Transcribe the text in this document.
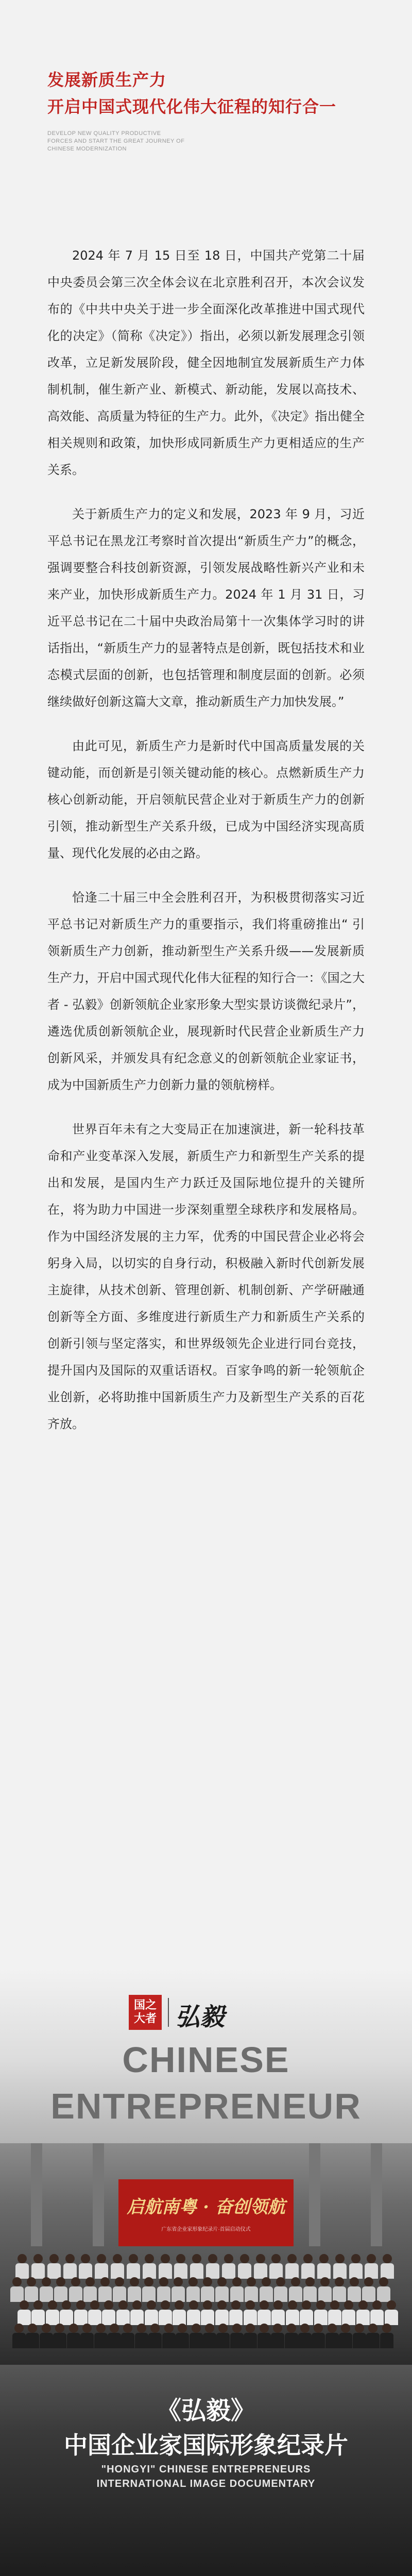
发展新质生产力
开启中国式现代化伟大征程的知行合一
DEVELOP NEW QUALITY PRODUCTIVE
FORCES AND START THE GREAT JOURNEY OF
CHINESE MODERNIZATION

2024 年 7 月 15 日至 18 日，中国共产党第二十届中央委员会第三次全体会议在北京胜利召开，本次会议发布的《中共中央关于进一步全面深化改革推进中国式现代化的决定》（简称《决定》）指出，必须以新发展理念引领改革，立足新发展阶段，健全因地制宜发展新质生产力体制机制，催生新产业、新模式、新动能，发展以高技术、高效能、高质量为特征的生产力。此外，《决定》指出健全相关规则和政策，加快形成同新质生产力更相适应的生产关系。

关于新质生产力的定义和发展，2023 年 9 月，习近平总书记在黑龙江考察时首次提出“新质生产力”的概念，强调要整合科技创新资源，引领发展战略性新兴产业和未来产业，加快形成新质生产力。2024 年 1 月 31 日，习近平总书记在二十届中央政治局第十一次集体学习时的讲话指出，“新质生产力的显著特点是创新，既包括技术和业态模式层面的创新，也包括管理和制度层面的创新。必须继续做好创新这篇大文章，推动新质生产力加快发展。”

由此可见，新质生产力是新时代中国高质量发展的关键动能，而创新是引领关键动能的核心。点燃新质生产力核心创新动能，开启领航民营企业对于新质生产力的创新引领，推动新型生产关系升级，已成为中国经济实现高质量、现代化发展的必由之路。

恰逢二十届三中全会胜利召开，为积极贯彻落实习近平总书记对新质生产力的重要指示，我们将重磅推出“ 引领新质生产力创新，推动新型生产关系升级——发展新质生产力，开启中国式现代化伟大征程的知行合一：《国之大者 - 弘毅》创新领航企业家形象大型实景访谈微纪录片”，遴选优质创新领航企业，展现新时代民营企业新质生产力创新风采，并颁发具有纪念意义的创新领航企业家证书，成为中国新质生产力创新力量的领航榜样。

世界百年未有之大变局正在加速演进，新一轮科技革命和产业变革深入发展，新质生产力和新型生产关系的提出和发展，是国内生产力跃迁及国际地位提升的关键所在，将为助力中国进一步深刻重塑全球秩序和发展格局。作为中国经济发展的主力军，优秀的中国民营企业必将会躬身入局，以切实的自身行动，积极融入新时代创新发展主旋律，从技术创新、管理创新、机制创新、产学研融通创新等全方面、多维度进行新质生产力和新质生产关系的创新引领与坚定落实，和世界级领先企业进行同台竞技，提升国内及国际的双重话语权。百家争鸣的新一轮领航企业创新，必将助推中国新质生产力及新型生产关系的百花齐放。

国之
大者 弘毅
CHINESE
ENTREPRENEUR
启航南粤 · 奋创领航
广东省企业家形象纪录片·首届启动仪式
《弘毅》
中国企业家国际形象纪录片
"HONGYI" CHINESE ENTREPRENEURS
INTERNATIONAL IMAGE DOCUMENTARY
